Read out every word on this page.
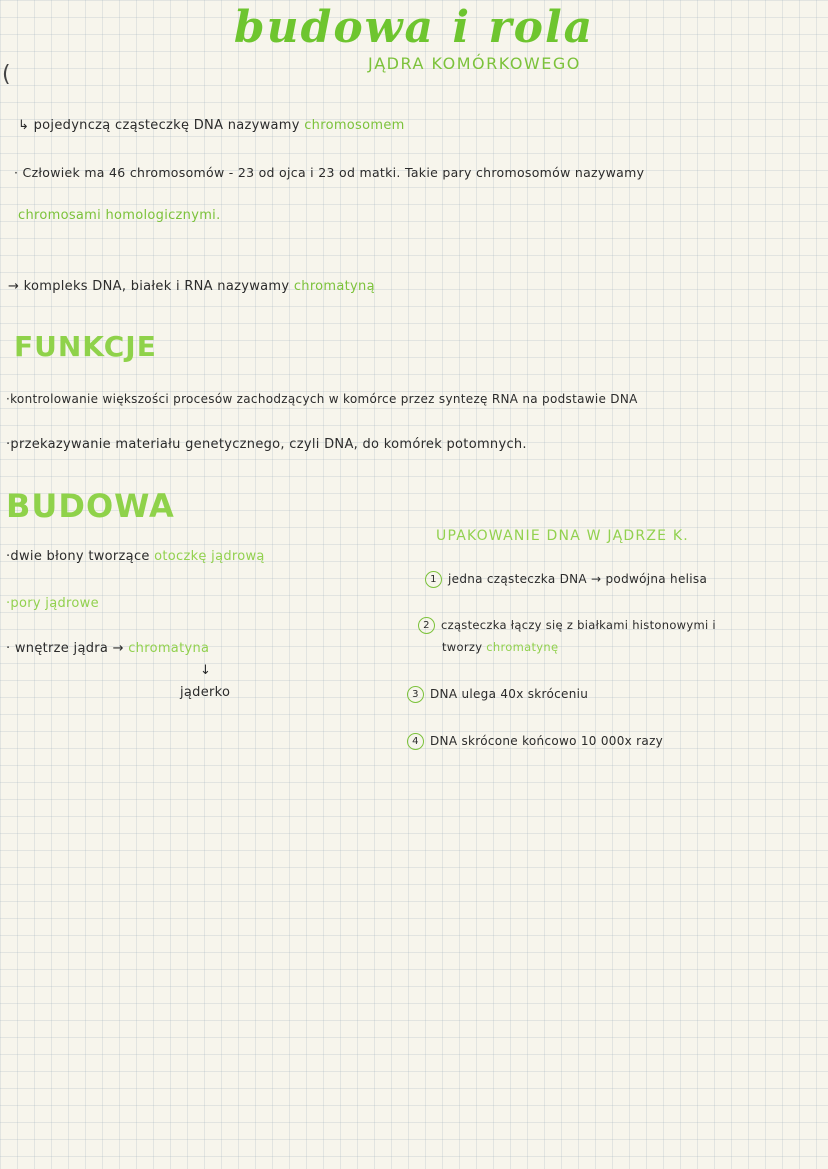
(
budowa i rola
JĄDRA KOMÓRKOWEGO
↳ pojedynczą cząsteczkę DNA nazywamy chromosomem
· Człowiek ma 46 chromosomów - 23 od ojca i 23 od matki. Takie pary chromosomów nazywamy
chromosami homologicznymi.
→ kompleks DNA, białek i RNA nazywamy chromatyną
FUNKCJE
·kontrolowanie większości procesów zachodzących w komórce przez syntezę RNA na podstawie DNA
·przekazywanie materiału genetycznego, czyli DNA, do komórek potomnych.
BUDOWA
·dwie błony tworzące otoczkę jądrową
·pory jądrowe
· wnętrze jądra → chromatyna
↓
jąderko
UPAKOWANIE DNA W JĄDRZE K.
1 jedna cząsteczka DNA → podwójna helisa
2 cząsteczka łączy się z białkami histonowymi i
tworzy chromatynę
3 DNA ulega 40x skróceniu
4 DNA skrócone końcowo 10 000x razy
